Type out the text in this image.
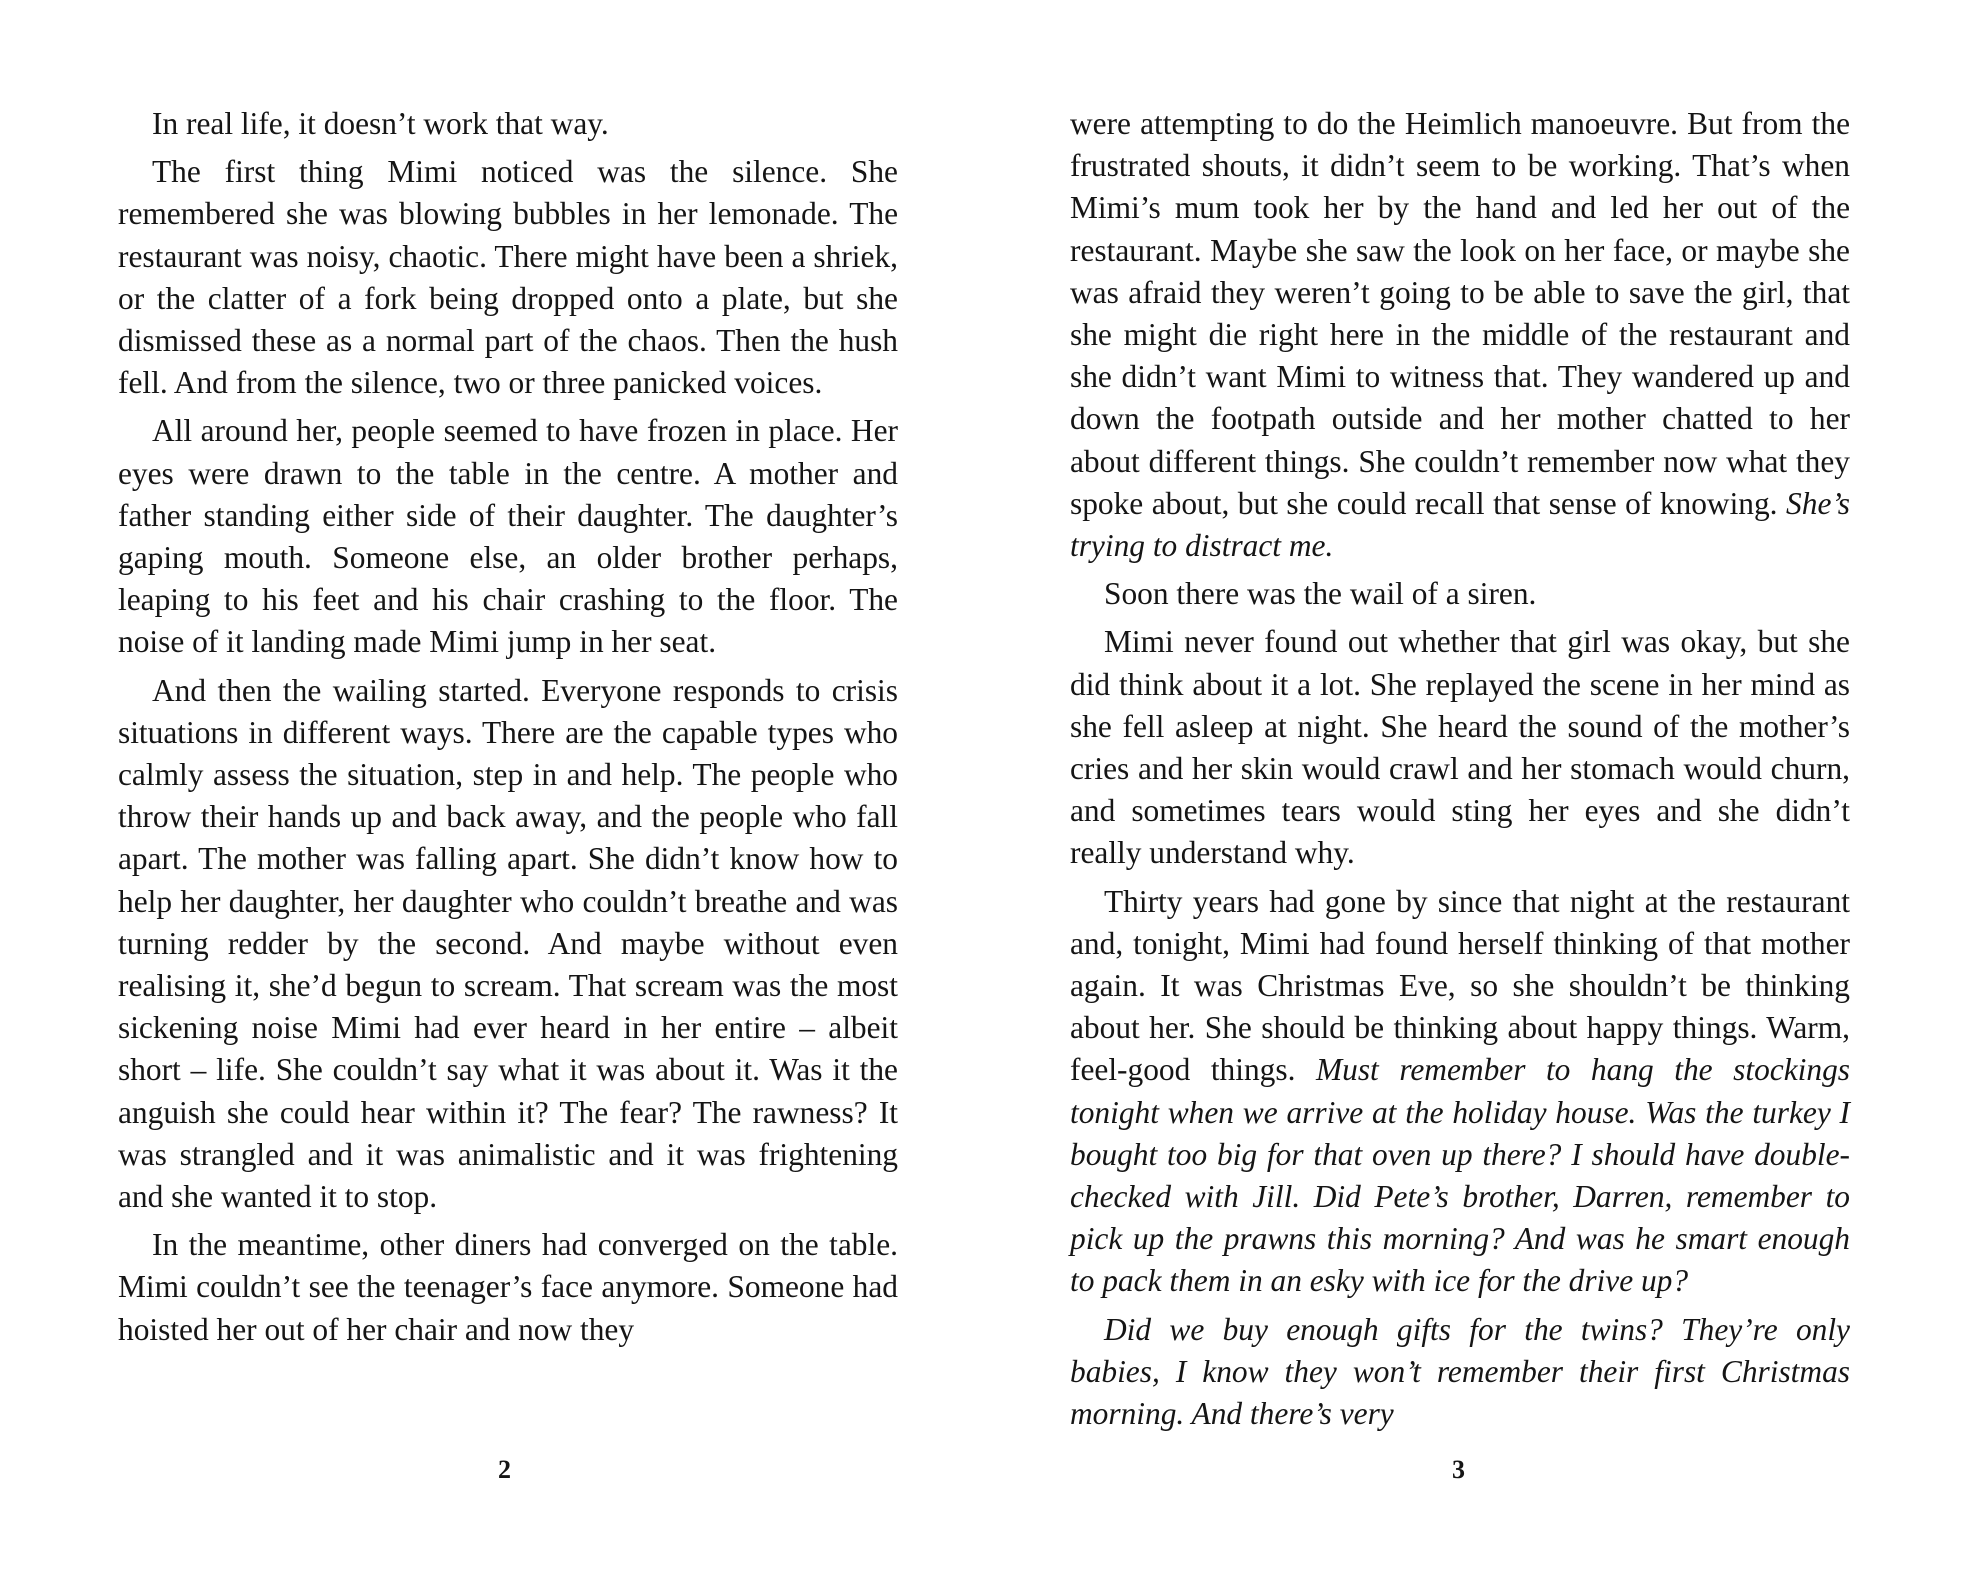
In real life, it doesn’t work that way.

The first thing Mimi noticed was the silence. She remembered she was blowing bubbles in her lemonade. The restaurant was noisy, chaotic. There might have been a shriek, or the clatter of a fork being dropped onto a plate, but she dismissed these as a normal part of the chaos. Then the hush fell. And from the silence, two or three panicked voices.

All around her, people seemed to have frozen in place. Her eyes were drawn to the table in the centre. A mother and father standing either side of their daughter. The daughter’s gaping mouth. Someone else, an older brother perhaps, leaping to his feet and his chair crashing to the floor. The noise of it landing made Mimi jump in her seat.

And then the wailing started. Everyone responds to crisis situations in different ways. There are the capable types who calmly assess the situation, step in and help. The people who throw their hands up and back away, and the people who fall apart. The mother was falling apart. She didn’t know how to help her daughter, her daughter who couldn’t breathe and was turning redder by the second. And maybe without even realising it, she’d begun to scream. That scream was the most sickening noise Mimi had ever heard in her entire – albeit short – life. She couldn’t say what it was about it. Was it the anguish she could hear within it? The fear? The rawness? It was strangled and it was animalistic and it was frightening and she wanted it to stop.

In the meantime, other diners had converged on the table. Mimi couldn’t see the teenager’s face anymore. Someone had hoisted her out of her chair and now they

were attempting to do the Heimlich manoeuvre. But from the frustrated shouts, it didn’t seem to be working. That’s when Mimi’s mum took her by the hand and led her out of the restaurant. Maybe she saw the look on her face, or maybe she was afraid they weren’t going to be able to save the girl, that she might die right here in the middle of the restaurant and she didn’t want Mimi to witness that. They wandered up and down the footpath outside and her mother chatted to her about different things. She couldn’t remember now what they spoke about, but she could recall that sense of knowing. She’s trying to distract me.

Soon there was the wail of a siren.

Mimi never found out whether that girl was okay, but she did think about it a lot. She replayed the scene in her mind as she fell asleep at night. She heard the sound of the mother’s cries and her skin would crawl and her stomach would churn, and sometimes tears would sting her eyes and she didn’t really understand why.

Thirty years had gone by since that night at the restaurant and, tonight, Mimi had found herself thinking of that mother again. It was Christmas Eve, so she shouldn’t be thinking about her. She should be thinking about happy things. Warm, feel-good things. Must remember to hang the stockings tonight when we arrive at the holiday house. Was the turkey I bought too big for that oven up there? I should have double-checked with Jill. Did Pete’s brother, Darren, remember to pick up the prawns this morning? And was he smart enough to pack them in an esky with ice for the drive up?

Did we buy enough gifts for the twins? They’re only babies, I know they won’t remember their first Christmas morning. And there’s very

2	3
